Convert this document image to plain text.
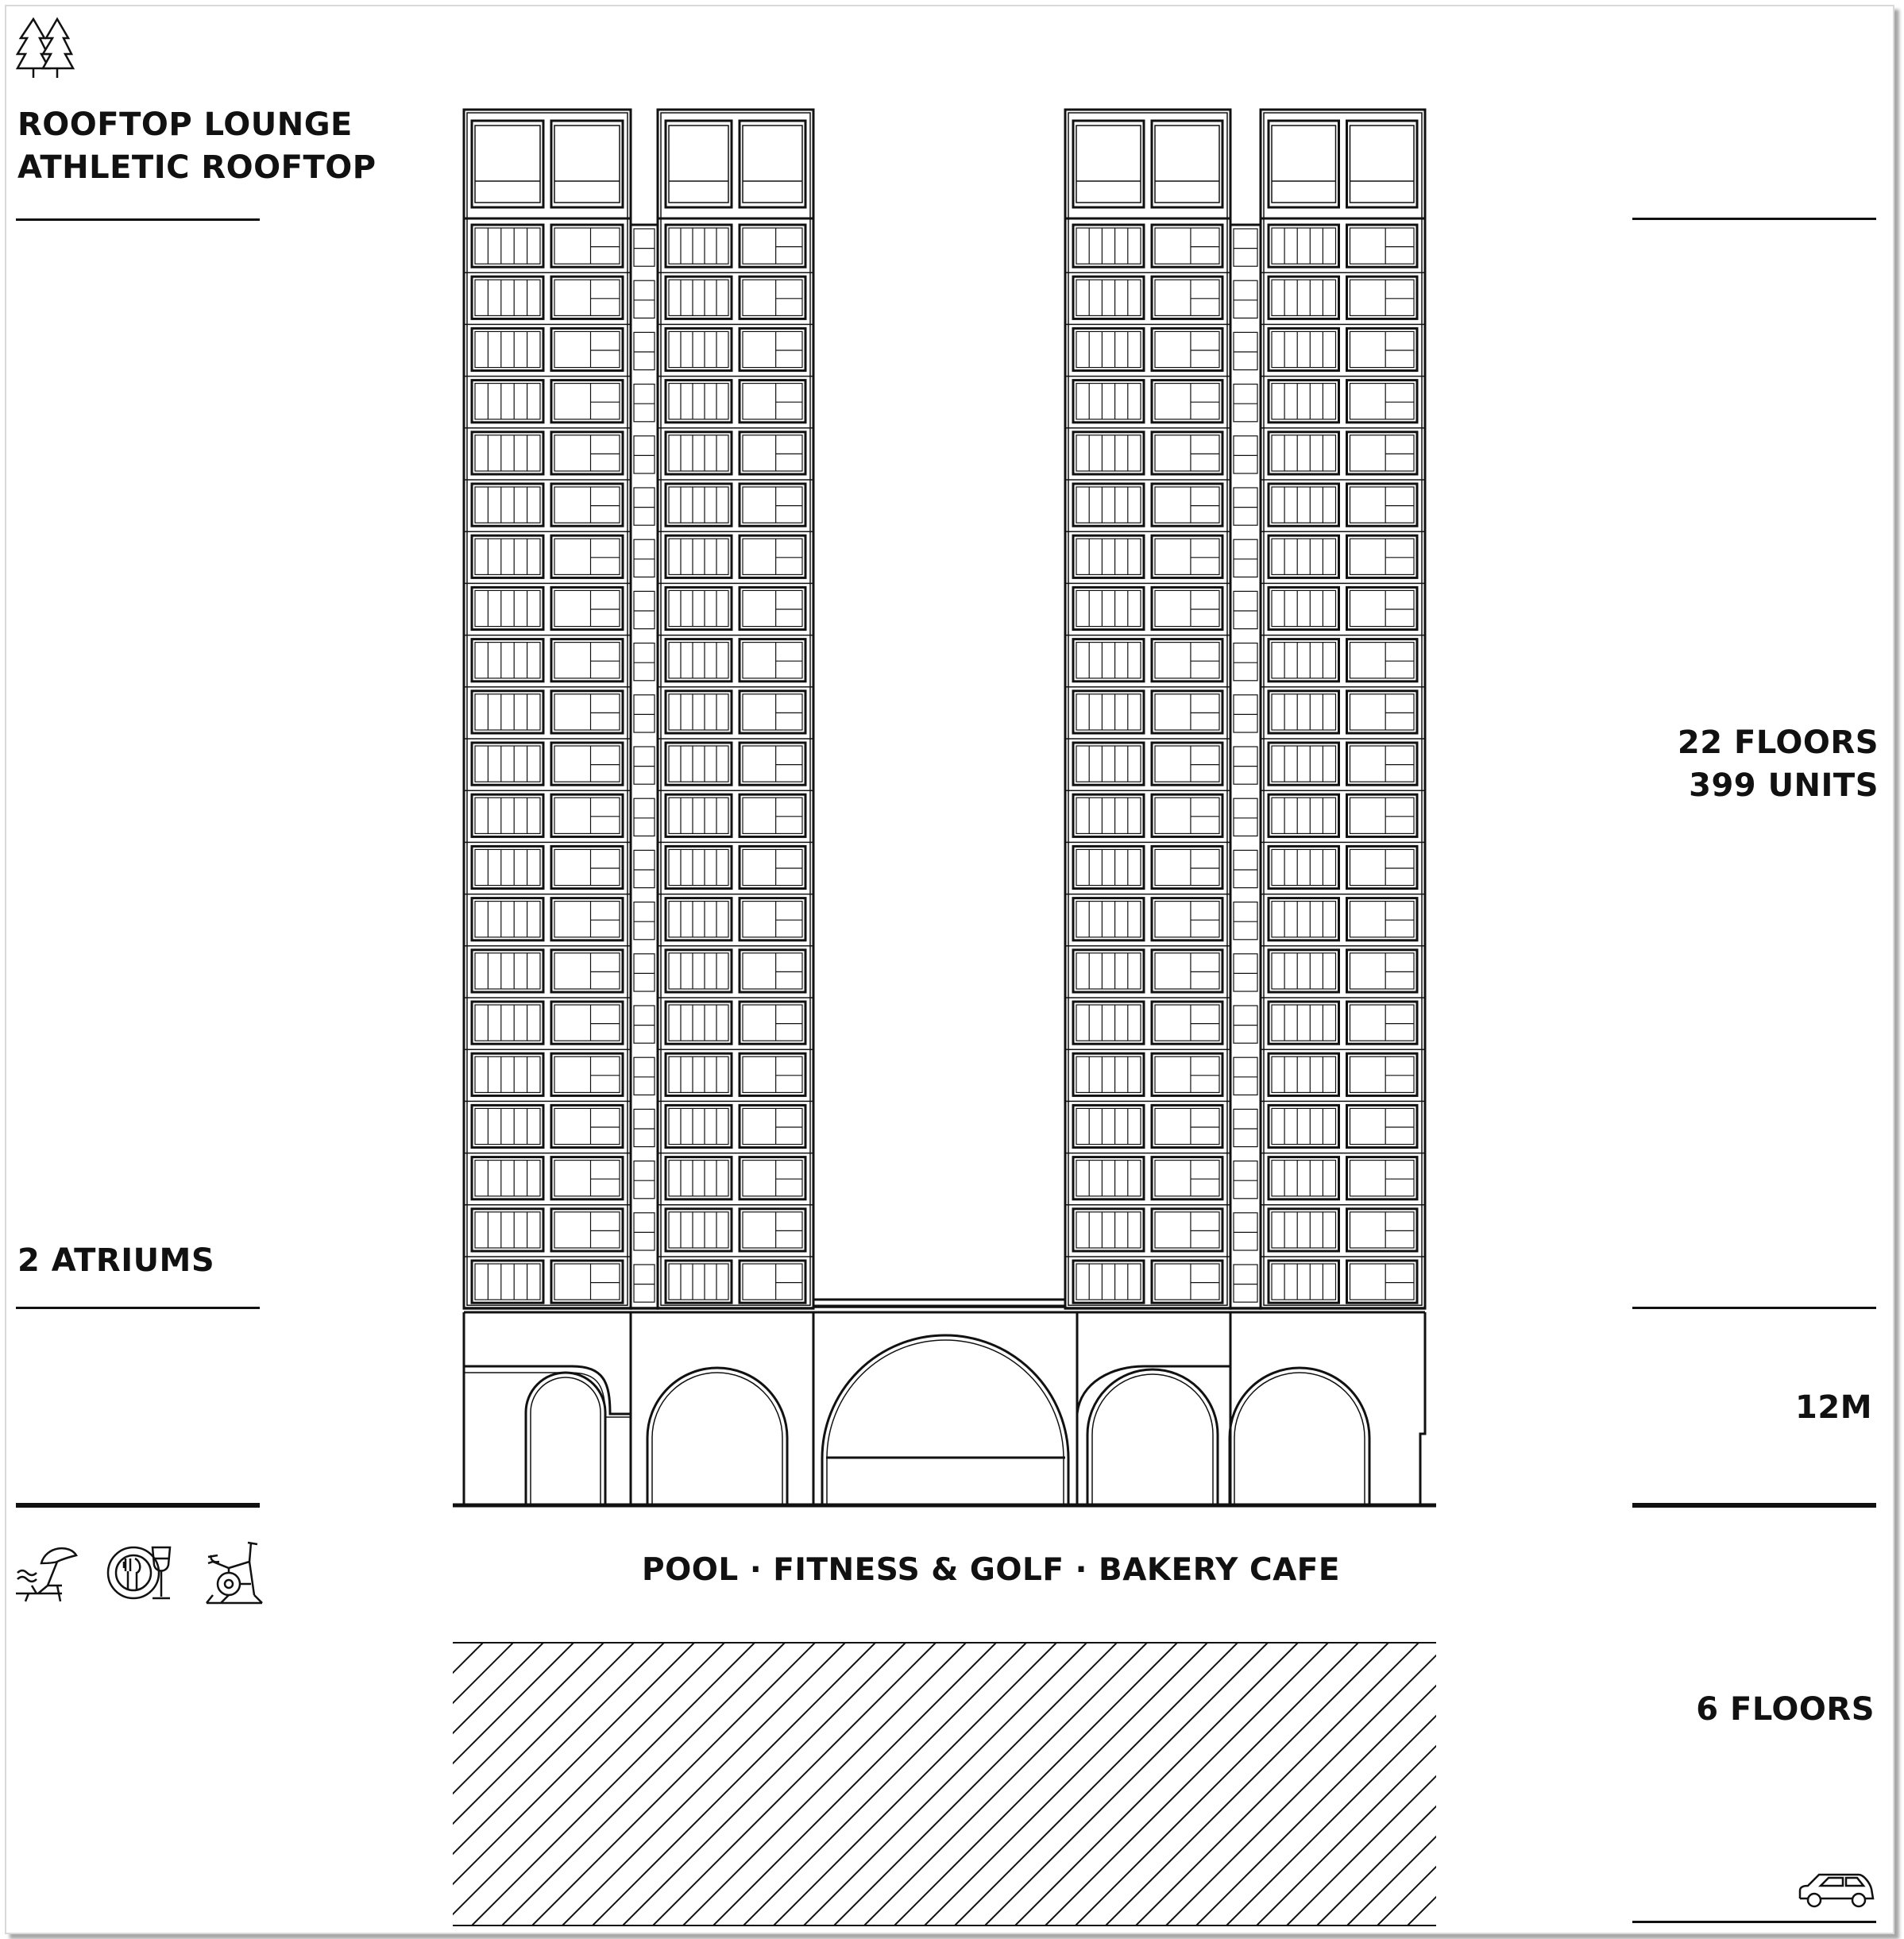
ROOFTOP LOUNGE
ATHLETIC ROOFTOP
2 ATRIUMS
22 FLOORS
399 UNITS
12M
6 FLOORS
POOL · FITNESS & GOLF · BAKERY CAFE
